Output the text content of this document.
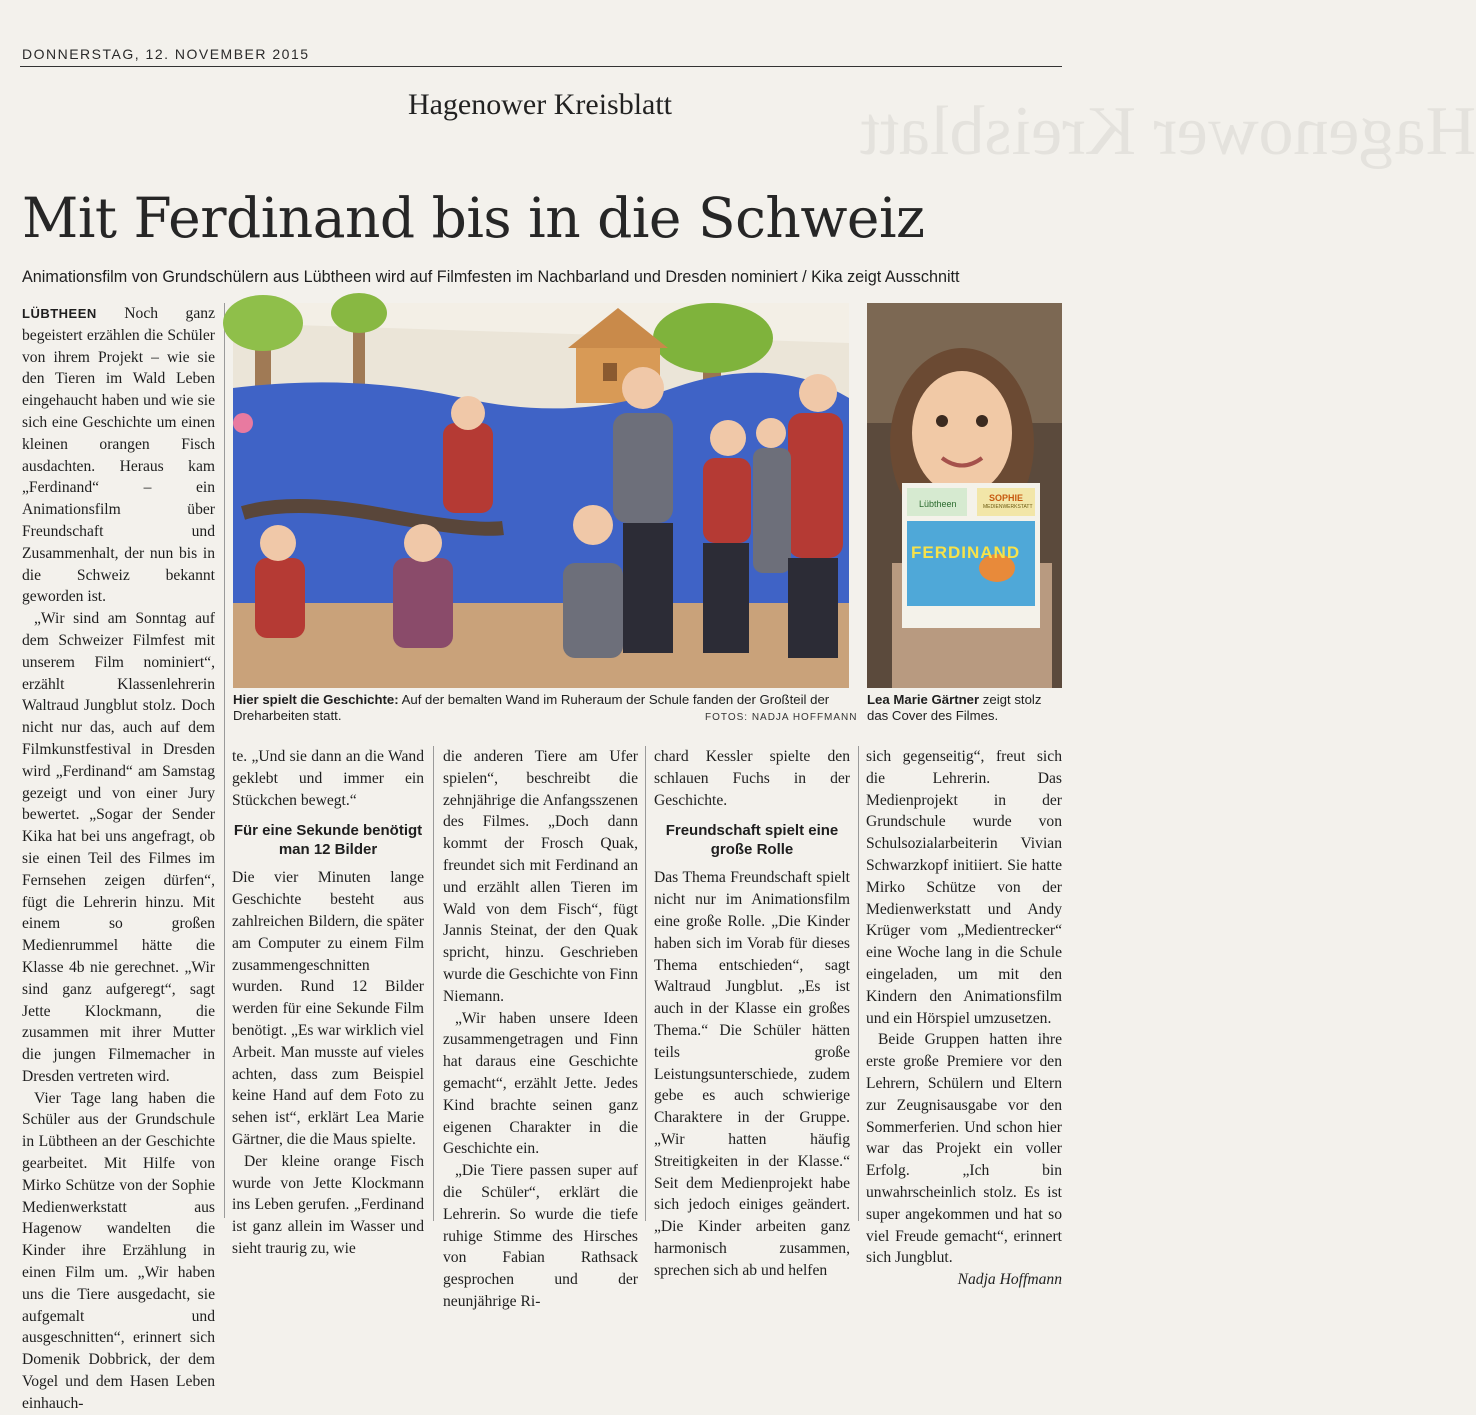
Hagenower Kreisblatt
DONNERSTAG, 12. NOVEMBER 2015
Hagenower Kreisblatt
Mit Ferdinand bis in die Schweiz
Animationsfilm von Grundschülern aus Lübtheen wird auf Filmfesten im Nachbarland und Dresden nominiert / Kika zeigt Ausschnitt

LÜBTHEEN Noch ganz begeistert erzählen die Schüler von ihrem Projekt – wie sie den Tieren im Wald Leben eingehaucht haben und wie sie sich eine Geschichte um einen kleinen orangen Fisch ausdachten. Heraus kam „Ferdinand“ – ein Animationsfilm über Freundschaft und Zusammenhalt, der nun bis in die Schweiz bekannt geworden ist.

„Wir sind am Sonntag auf dem Schweizer Filmfest mit unserem Film nominiert“, erzählt Klassenlehrerin Waltraud Jungblut stolz. Doch nicht nur das, auch auf dem Filmkunstfestival in Dresden wird „Ferdinand“ am Samstag gezeigt und von einer Jury bewertet. „Sogar der Sender Kika hat bei uns angefragt, ob sie einen Teil des Filmes im Fernsehen zeigen dürfen“, fügt die Lehrerin hinzu. Mit einem so großen Medienrummel hätte die Klasse 4b nie gerechnet. „Wir sind ganz aufgeregt“, sagt Jette Klockmann, die zusammen mit ihrer Mutter die jungen Filmemacher in Dresden vertreten wird.

Vier Tage lang haben die Schüler aus der Grundschule in Lübtheen an der Geschichte gearbeitet. Mit Hilfe von Mirko Schütze von der Sophie Medienwerkstatt aus Hagenow wandelten die Kinder ihre Erzählung in einen Film um. „Wir haben uns die Tiere ausgedacht, sie aufgemalt und ausgeschnitten“, erinnert sich Domenik Dobbrick, der dem Vogel und dem Hasen Leben einhauch-

Lübtheen
SOPHIE
MEDIENWERKSTATT
FERDINAND
Hier spielt die Geschichte: Auf der bemalten Wand im Ruheraum der Schule fanden der Großteil der Dreharbeiten statt.	FOTOS: NADJA HOFFMANN
Lea Marie Gärtner zeigt stolz das Cover des Filmes.

te. „Und sie dann an die Wand geklebt und immer ein Stückchen bewegt.“

Für eine Sekunde benötigt man 12 Bilder

Die vier Minuten lange Geschichte besteht aus zahlreichen Bildern, die später am Computer zu einem Film zusammengeschnitten wurden. Rund 12 Bilder werden für eine Sekunde Film benötigt. „Es war wirklich viel Arbeit. Man musste auf vieles achten, dass zum Beispiel keine Hand auf dem Foto zu sehen ist“, erklärt Lea Marie Gärtner, die die Maus spielte.

Der kleine orange Fisch wurde von Jette Klockmann ins Leben gerufen. „Ferdinand ist ganz allein im Wasser und sieht traurig zu, wie

die anderen Tiere am Ufer spielen“, beschreibt die zehnjährige die Anfangsszenen des Filmes. „Doch dann kommt der Frosch Quak, freundet sich mit Ferdinand an und erzählt allen Tieren im Wald von dem Fisch“, fügt Jannis Steinat, der den Quak spricht, hinzu. Geschrieben wurde die Geschichte von Finn Niemann.

„Wir haben unsere Ideen zusammengetragen und Finn hat daraus eine Geschichte gemacht“, erzählt Jette. Jedes Kind brachte seinen ganz eigenen Charakter in die Geschichte ein.

„Die Tiere passen super auf die Schüler“, erklärt die Lehrerin. So wurde die tiefe ruhige Stimme des Hirsches von Fabian Rathsack gesprochen und der neunjährige Ri-

chard Kessler spielte den schlauen Fuchs in der Geschichte.

Freundschaft spielt eine große Rolle

Das Thema Freundschaft spielt nicht nur im Animationsfilm eine große Rolle. „Die Kinder haben sich im Vorab für dieses Thema entschieden“, sagt Waltraud Jungblut. „Es ist auch in der Klasse ein großes Thema.“ Die Schüler hätten teils große Leistungsunterschiede, zudem gebe es auch schwierige Charaktere in der Gruppe. „Wir hatten häufig Streitigkeiten in der Klasse.“ Seit dem Medienprojekt habe sich jedoch einiges geändert. „Die Kinder arbeiten ganz harmonisch zusammen, sprechen sich ab und helfen

sich gegenseitig“, freut sich die Lehrerin. Das Medienprojekt in der Grundschule wurde von Schulsozialarbeiterin Vivian Schwarzkopf initiiert. Sie hatte Mirko Schütze von der Medienwerkstatt und Andy Krüger vom „Medientrecker“ eine Woche lang in die Schule eingeladen, um mit den Kindern den Animationsfilm und ein Hörspiel umzusetzen.

Beide Gruppen hatten ihre erste große Premiere vor den Lehrern, Schülern und Eltern zur Zeugnisausgabe vor den Sommerferien. Und schon hier war das Projekt ein voller Erfolg. „Ich bin unwahrscheinlich stolz. Es ist super angekommen und hat so viel Freude gemacht“, erinnert sich Jungblut.

Nadja Hoffmann
